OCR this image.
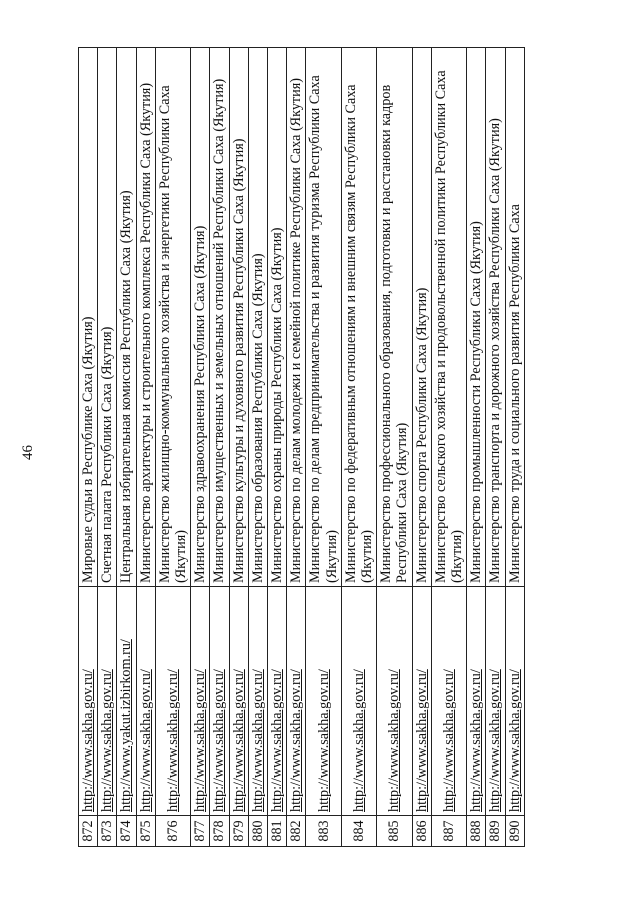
46
872	http://www.sakha.gov.ru/	Мировые судьи в Республике Саха (Якутия)
873	http://www.sakha.gov.ru/	Счетная палата Республики Саха (Якутия)
874	http://www.yakut.izbirkom.ru/	Центральная избирательная комиссия Республики Саха (Якутия)
875	http://www.sakha.gov.ru/	Министерство архитектуры и строительного комплекса Республики Саха (Якутия)
876	http://www.sakha.gov.ru/	Министерство жилищно-коммунального хозяйства и энергетики Республики Саха (Якутия)
877	http://www.sakha.gov.ru/	Министерство здравоохранения Республики Саха (Якутия)
878	http://www.sakha.gov.ru/	Министерство имущественных и земельных отношений Республики Саха (Якутия)
879	http://www.sakha.gov.ru/	Министерство культуры и духовного развития Республики Саха (Якутия)
880	http://www.sakha.gov.ru/	Министерство образования Республики Саха (Якутия)
881	http://www.sakha.gov.ru/	Министерство охраны природы Республики Саха (Якутия)
882	http://www.sakha.gov.ru/	Министерство по делам молодежи и семейной политике Республики Саха (Якутия)
883	http://www.sakha.gov.ru/	Министерство по делам предпринимательства и развития туризма Республики Саха (Якутия)
884	http://www.sakha.gov.ru/	Министерство по федеративным отношениям и внешним связям Республики Саха (Якутия)
885	http://www.sakha.gov.ru/	Министерство профессионального образования, подготовки и расстановки кадров Республики Саха (Якутия)
886	http://www.sakha.gov.ru/	Министерство спорта Республики Саха (Якутия)
887	http://www.sakha.gov.ru/	Министерство сельского хозяйства и продовольственной политики Республики Саха (Якутия)
888	http://www.sakha.gov.ru/	Министерство промышленности Республики Саха (Якутия)
889	http://www.sakha.gov.ru/	Министерство транспорта и дорожного хозяйства Республики Саха (Якутия)
890	http://www.sakha.gov.ru/	Министерство труда и социального развития Республики Саха
